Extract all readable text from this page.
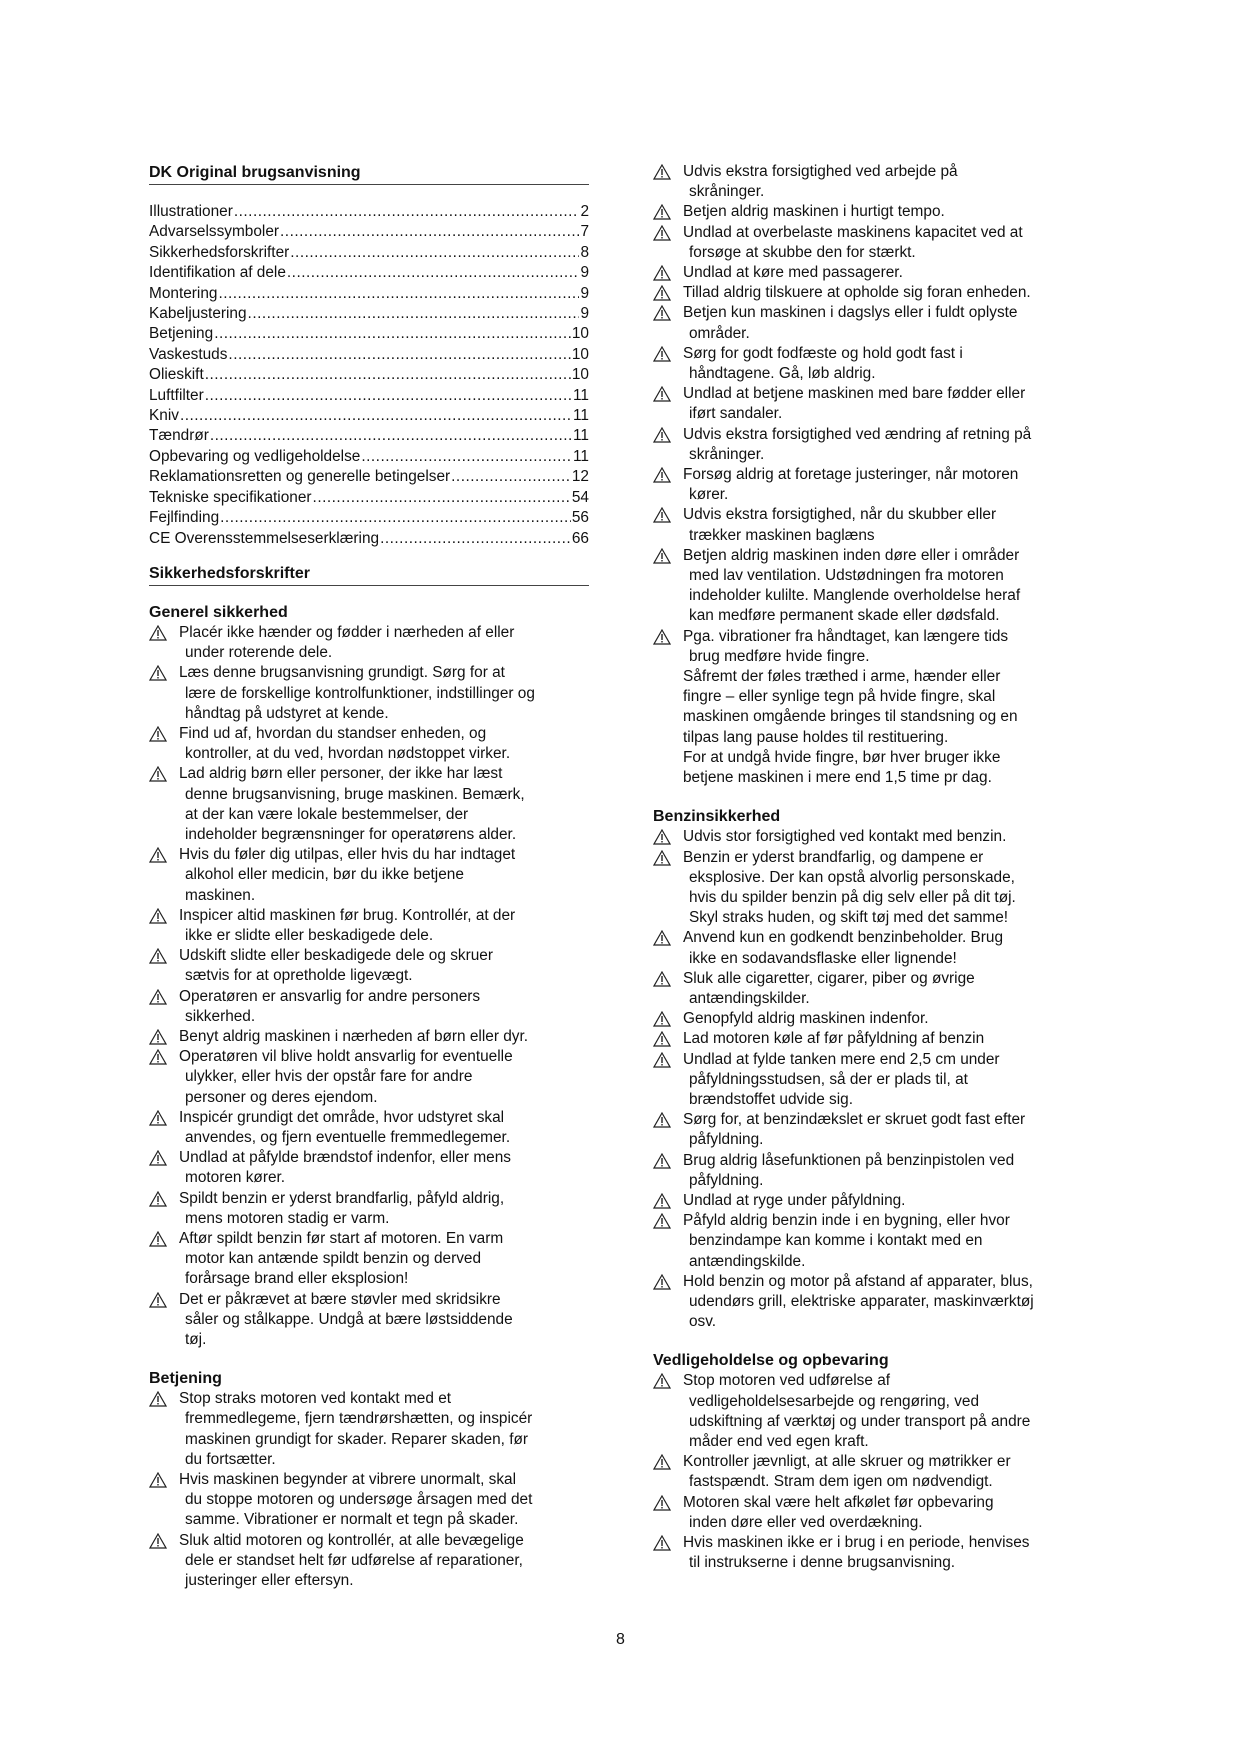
DK Original brugsanvisning
Illustrationer .....	2
Advarselssymboler .....	7
Sikkerhedsforskrifter .....	8
Identifikation af dele .....	9
Montering .....	9
Kabeljustering .....	9
Betjening .....	10
Vaskestuds .....	10
Olieskift .....	10
Luftfilter .....	11
Kniv .....	11
Tændrør .....	11
Opbevaring og vedligeholdelse .....	11
Reklamationsretten og generelle betingelser .....	12
Tekniske specifikationer .....	54
Fejlfinding .....	56
CE Overensstemmelseserklæring .....	66
Sikkerhedsforskrifter
Generel sikkerhed
Placér ikke hænder og fødder i nærheden af eller
under roterende dele.
Læs denne brugsanvisning grundigt. Sørg for at
lære de forskellige kontrolfunktioner, indstillinger og
håndtag på udstyret at kende.
Find ud af, hvordan du standser enheden, og
kontroller, at du ved, hvordan nødstoppet virker.
Lad aldrig børn eller personer, der ikke har læst
denne brugsanvisning, bruge maskinen. Bemærk,
at der kan være lokale bestemmelser, der
indeholder begrænsninger for operatørens alder.
Hvis du føler dig utilpas, eller hvis du har indtaget
alkohol eller medicin, bør du ikke betjene
maskinen.
Inspicer altid maskinen før brug. Kontrollér, at der
ikke er slidte eller beskadigede dele.
Udskift slidte eller beskadigede dele og skruer
sætvis for at opretholde ligevægt.
Operatøren er ansvarlig for andre personers
sikkerhed.
Benyt aldrig maskinen i nærheden af børn eller dyr.
Operatøren vil blive holdt ansvarlig for eventuelle
ulykker, eller hvis der opstår fare for andre
personer og deres ejendom.
Inspicér grundigt det område, hvor udstyret skal
anvendes, og fjern eventuelle fremmedlegemer.
Undlad at påfylde brændstof indenfor, eller mens
motoren kører.
Spildt benzin er yderst brandfarlig, påfyld aldrig,
mens motoren stadig er varm.
Aftør spildt benzin før start af motoren. En varm
motor kan antænde spildt benzin og derved
forårsage brand eller eksplosion!
Det er påkrævet at bære støvler med skridsikre
såler og stålkappe. Undgå at bære løstsiddende
tøj.
Betjening
Stop straks motoren ved kontakt med et
fremmedlegeme, fjern tændrørshætten, og inspicér
maskinen grundigt for skader. Reparer skaden, før
du fortsætter.
Hvis maskinen begynder at vibrere unormalt, skal
du stoppe motoren og undersøge årsagen med det
samme. Vibrationer er normalt et tegn på skader.
Sluk altid motoren og kontrollér, at alle bevægelige
dele er standset helt før udførelse af reparationer,
justeringer eller eftersyn.
Udvis ekstra forsigtighed ved arbejde på
skråninger.
Betjen aldrig maskinen i hurtigt tempo.
Undlad at overbelaste maskinens kapacitet ved at
forsøge at skubbe den for stærkt.
Undlad at køre med passagerer.
Tillad aldrig tilskuere at opholde sig foran enheden.
Betjen kun maskinen i dagslys eller i fuldt oplyste
områder.
Sørg for godt fodfæste og hold godt fast i
håndtagene. Gå, løb aldrig.
Undlad at betjene maskinen med bare fødder eller
iført sandaler.
Udvis ekstra forsigtighed ved ændring af retning på
skråninger.
Forsøg aldrig at foretage justeringer, når motoren
kører.
Udvis ekstra forsigtighed, når du skubber eller
trækker maskinen baglæns
Betjen aldrig maskinen inden døre eller i områder
med lav ventilation. Udstødningen fra motoren
indeholder kulilte. Manglende overholdelse heraf
kan medføre permanent skade eller dødsfald.
Pga. vibrationer fra håndtaget, kan længere tids
brug medføre hvide fingre.
Såfremt der føles træthed i arme, hænder eller
fingre – eller synlige tegn på hvide fingre, skal
maskinen omgående bringes til standsning og en
tilpas lang pause holdes til restituering.
For at undgå hvide fingre, bør hver bruger ikke
betjene maskinen i mere end 1,5 time pr dag.
Benzinsikkerhed
Udvis stor forsigtighed ved kontakt med benzin.
Benzin er yderst brandfarlig, og dampene er
eksplosive. Der kan opstå alvorlig personskade,
hvis du spilder benzin på dig selv eller på dit tøj.
Skyl straks huden, og skift tøj med det samme!
Anvend kun en godkendt benzinbeholder. Brug
ikke en sodavandsflaske eller lignende!
Sluk alle cigaretter, cigarer, piber og øvrige
antændingskilder.
Genopfyld aldrig maskinen indenfor.
Lad motoren køle af før påfyldning af benzin
Undlad at fylde tanken mere end 2,5 cm under
påfyldningsstudsen, så der er plads til, at
brændstoffet udvide sig.
Sørg for, at benzindækslet er skruet godt fast efter
påfyldning.
Brug aldrig låsefunktionen på benzinpistolen ved
påfyldning.
Undlad at ryge under påfyldning.
Påfyld aldrig benzin inde i en bygning, eller hvor
benzindampe kan komme i kontakt med en
antændingskilde.
Hold benzin og motor på afstand af apparater, blus,
udendørs grill, elektriske apparater, maskinværktøj
osv.
Vedligeholdelse og opbevaring
Stop motoren ved udførelse af
vedligeholdelsesarbejde og rengøring, ved
udskiftning af værktøj og under transport på andre
måder end ved egen kraft.
Kontroller jævnligt, at alle skruer og møtrikker er
fastspændt. Stram dem igen om nødvendigt.
Motoren skal være helt afkølet før opbevaring
inden døre eller ved overdækning.
Hvis maskinen ikke er i brug i en periode, henvises
til instrukserne i denne brugsanvisning.
8
